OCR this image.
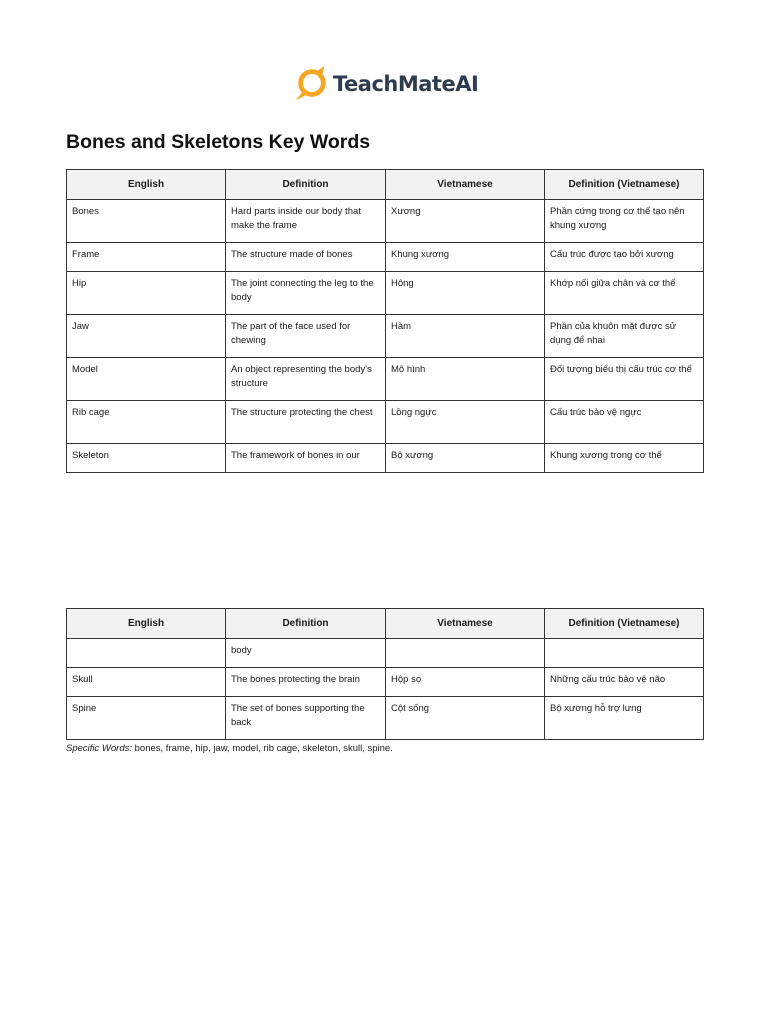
TeachMateAI
Bones and Skeletons Key Words
English	Definition	Vietnamese	Definition (Vietnamese)
Bones	Hard parts inside our body that make the frame	Xương	Phần cứng trong cơ thể tạo nên khung xương
Frame	The structure made of bones	Khung xương	Cấu trúc được tạo bởi xương
Hip	The joint connecting the leg to the body	Hông	Khớp nối giữa chân và cơ thể
Jaw	The part of the face used for chewing	Hàm	Phần của khuôn mặt được sử dụng để nhai
Model	An object representing the body's structure	Mô hình	Đối tượng biểu thị cấu trúc cơ thể
Rib cage	The structure protecting the chest	Lồng ngực	Cấu trúc bảo vệ ngực
Skeleton	The framework of bones in our	Bộ xương	Khung xương trong cơ thể
English	Definition	Vietnamese	Definition (Vietnamese)
	body		
Skull	The bones protecting the brain	Hộp sọ	Những cấu trúc bảo vệ não
Spine	The set of bones supporting the back	Cột sống	Bộ xương hỗ trợ lưng

Specific Words: bones, frame, hip, jaw, model, rib cage, skeleton, skull, spine.
